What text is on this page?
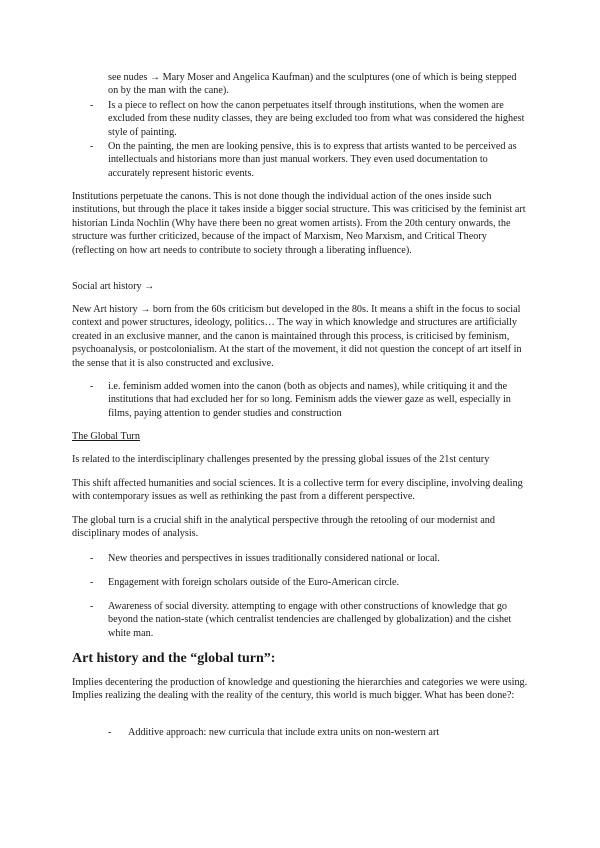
see nudes → Mary Moser and Angelica Kaufman) and the sculptures (one of which is being stepped on by the man with the cane).

-	Is a piece to reflect on how the canon perpetuates itself through institutions, when the women are excluded from these nudity classes, they are being excluded too from what was considered the highest style of painting.
-	On the painting, the men are looking pensive, this is to express that artists wanted to be perceived as intellectuals and historians more than just manual workers. They even used documentation to accurately represent historic events.

Institutions perpetuate the canons. This is not done though the individual action of the ones inside such institutions, but through the place it takes inside a bigger social structure. This was criticised by the feminist art historian Linda Nochlin (Why have there been no great women artists). From the 20th century onwards, the structure was further criticized, because of the impact of Marxism, Neo Marxism, and Critical Theory (reflecting on how art needs to contribute to society through a liberating influence).

Social art history →

New Art history → born from the 60s criticism but developed in the 80s. It means a shift in the focus to social context and power structures, ideology, politics… The way in which knowledge and structures are artificially created in an exclusive manner, and the canon is maintained through this process, is criticised by feminism, psychoanalysis, or postcolonialism. At the start of the movement, it did not question the concept of art itself in the sense that it is also constructed and exclusive.

-	i.e. feminism added women into the canon (both as objects and names), while critiquing it and the institutions that had excluded her for so long. Feminism adds the viewer gaze as well, especially in films, paying attention to gender studies and construction

The Global Turn

Is related to the interdisciplinary challenges presented by the pressing global issues of the 21st century

This shift affected humanities and social sciences. It is a collective term for every discipline, involving dealing with contemporary issues as well as rethinking the past from a different perspective.

The global turn is a crucial shift in the analytical perspective through the retooling of our modernist and disciplinary modes of analysis.

-	New theories and perspectives in issues traditionally considered national or local.
-	Engagement with foreign scholars outside of the Euro-American circle.
-	Awareness of social diversity. attempting to engage with other constructions of knowledge that go beyond the nation-state (which centralist tendencies are challenged by globalization) and the cishet white man.

Art history and the “global turn”:

Implies decentering the production of knowledge and questioning the hierarchies and categories we were using. Implies realizing the dealing with the reality of the century, this world is much bigger. What has been done?:

-	Additive approach: new curricula that include extra units on non-western art
